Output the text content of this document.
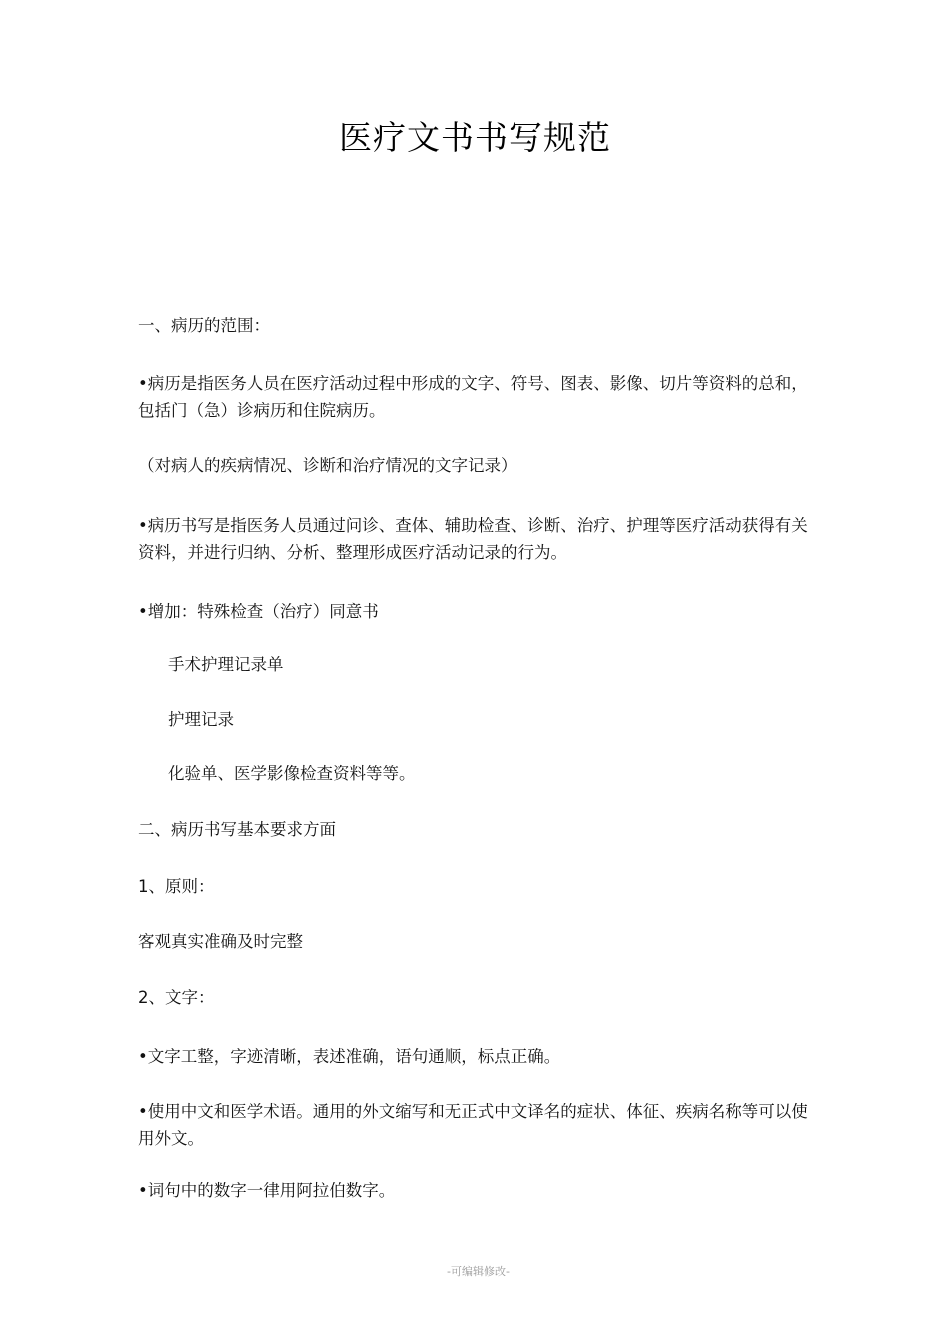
医疗文书书写规范
一、病历的范围：
•病历是指医务人员在医疗活动过程中形成的文字、符号、图表、影像、切片等资料的总和，包括门（急）诊病历和住院病历。
（对病人的疾病情况、诊断和治疗情况的文字记录）
•病历书写是指医务人员通过问诊、查体、辅助检查、诊断、治疗、护理等医疗活动获得有关资料，并进行归纳、分析、整理形成医疗活动记录的行为。
•增加：特殊检查（治疗）同意书
手术护理记录单
护理记录
化验单、医学影像检查资料等等。
二、病历书写基本要求方面
1、原则：
客观真实准确及时完整
2、文字：
•文字工整，字迹清晰，表述准确，语句通顺，标点正确。
•使用中文和医学术语。通用的外文缩写和无正式中文译名的症状、体征、疾病名称等可以使用外文。
•词句中的数字一律用阿拉伯数字。
-可编辑修改-
